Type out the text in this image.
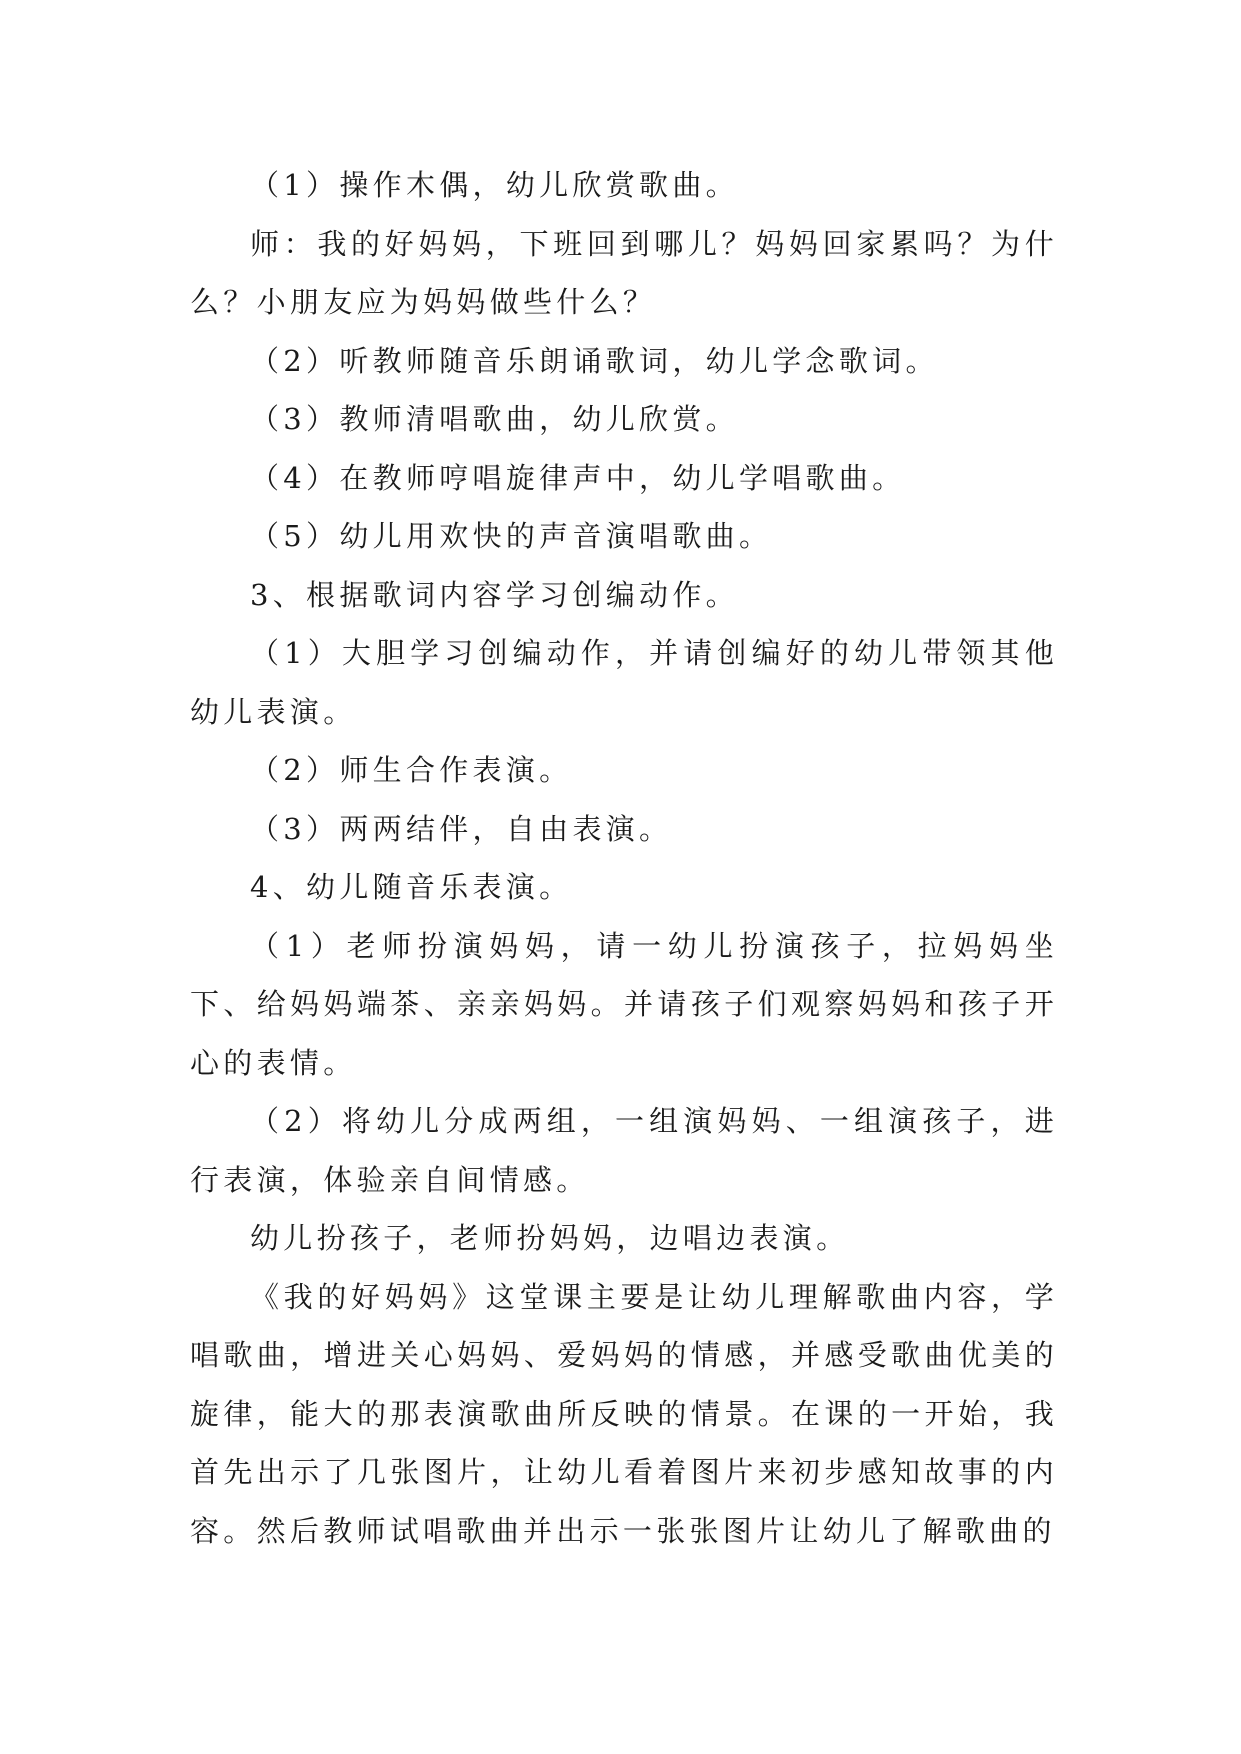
（1）操作木偶，幼儿欣赏歌曲。

师：我的好妈妈，下班回到哪儿？妈妈回家累吗？为什么？小朋友应为妈妈做些什么？

（2）听教师随音乐朗诵歌词，幼儿学念歌词。

（3）教师清唱歌曲，幼儿欣赏。

（4）在教师哼唱旋律声中，幼儿学唱歌曲。

（5）幼儿用欢快的声音演唱歌曲。

3、根据歌词内容学习创编动作。

（1）大胆学习创编动作，并请创编好的幼儿带领其他幼儿表演。

（2）师生合作表演。

（3）两两结伴，自由表演。

4、幼儿随音乐表演。

（1）老师扮演妈妈，请一幼儿扮演孩子，拉妈妈坐下、给妈妈端茶、亲亲妈妈。并请孩子们观察妈妈和孩子开心的表情。

（2）将幼儿分成两组，一组演妈妈、一组演孩子，进行表演，体验亲自间情感。

幼儿扮孩子，老师扮妈妈，边唱边表演。

《我的好妈妈》这堂课主要是让幼儿理解歌曲内容，学唱歌曲，增进关心妈妈、爱妈妈的情感，并感受歌曲优美的旋律，能大的那表演歌曲所反映的情景。在课的一开始，我首先出示了几张图片，让幼儿看着图片来初步感知故事的内容。然后教师试唱歌曲并出示一张张图片让幼儿了解歌曲的
